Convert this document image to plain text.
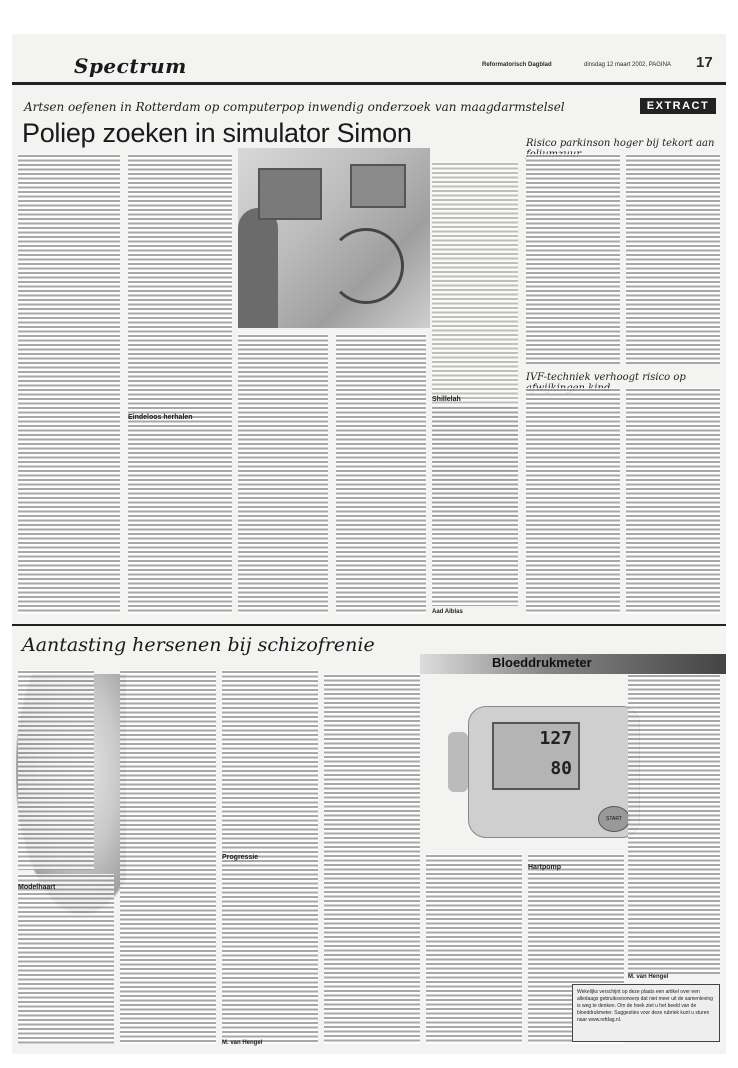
Spectrum	Reformatorisch Dagblad	dinsdag 12 maart 2002, PAGINA 17
Artsen oefenen in Rotterdam op computerpop inwendig onderzoek van maagdarmstelsel	EXTRACT
Poliep zoeken in simulator Simon
Shillelah
Eindeloos herhalen
Aad Alblas
Risico parkinson hoger bij tekort aan
IVF-techniek verhoogt risico op
Aantasting hersenen bij schizofrenie
Modelhaart
Progressie
M. van Hengel
Bloeddrukmeter
127
80
START
Hartpomp
M. van Hengel
Wekelijks verschijnt op deze plaats een artikel over een alledaags gebruiksvoorwerp dat niet meer uit de samenleving is weg te denken. Om de hoek ziet u het beeld van de bloeddrukmeter. Suggesties voor deze rubriek kunt u sturen naar www.refdag.nl.
